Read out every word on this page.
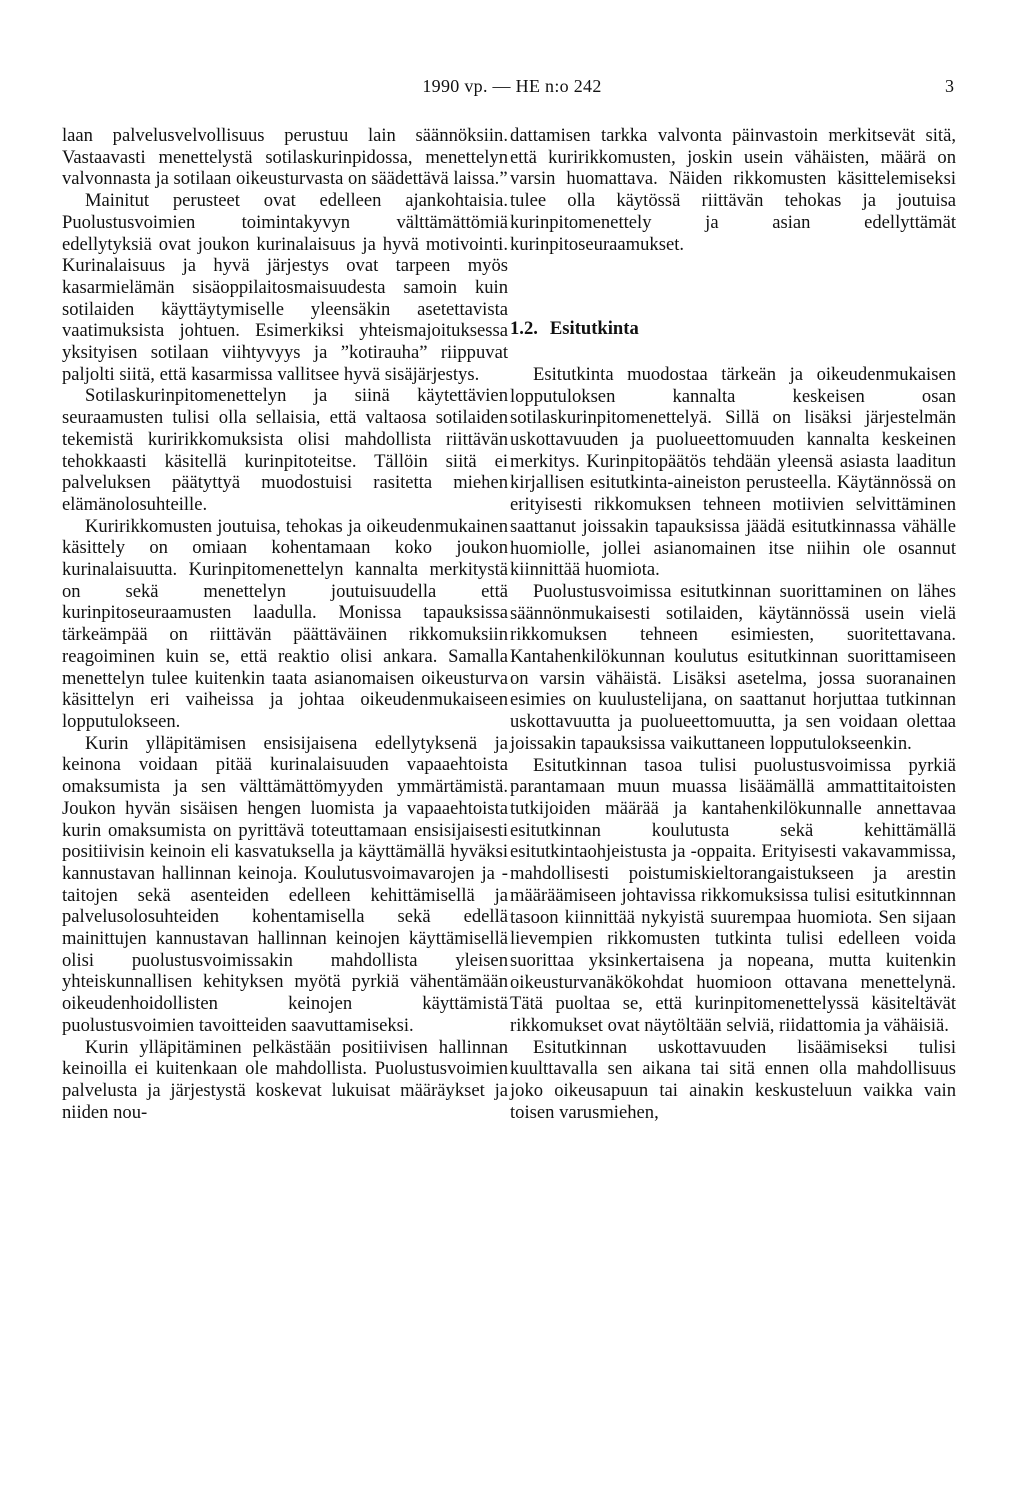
1990 vp. — HE n:o 242	3

laan palvelusvelvollisuus perustuu lain säännöksiin. Vastaavasti menettelystä sotilaskurinpidossa, menettelyn valvonnasta ja sotilaan oikeusturvasta on säädettävä laissa.”

Mainitut perusteet ovat edelleen ajankohtaisia. Puolustusvoimien toimintakyvyn välttämättömiä edellytyksiä ovat joukon kurinalaisuus ja hyvä motivointi. Kurinalaisuus ja hyvä järjestys ovat tarpeen myös kasarmielämän sisäoppilaitosmaisuudesta samoin kuin sotilaiden käyttäytymiselle yleensäkin asetettavista vaatimuksista johtuen. Esimerkiksi yhteismajoituksessa yksityisen sotilaan viihtyvyys ja ”kotirauha” riippuvat paljolti siitä, että kasarmissa vallitsee hyvä sisäjärjestys.

Sotilaskurinpitomenettelyn ja siinä käytettävien seuraamusten tulisi olla sellaisia, että valtaosa sotilaiden tekemistä kuririkkomuksista olisi mahdollista riittävän tehokkaasti käsitellä kurinpitoteitse. Tällöin siitä ei palveluksen päätyttyä muodostuisi rasitetta miehen elämänolosuhteille.

Kuririkkomusten joutuisa, tehokas ja oikeudenmukainen käsittely on omiaan kohentamaan koko joukon kurinalaisuutta. Kurinpitomenettelyn kannalta merkitystä on sekä menettelyn joutuisuudella että kurinpitoseuraamusten laadulla. Monissa tapauksissa tärkeämpää on riittävän päättäväinen rikkomuksiin reagoiminen kuin se, että reaktio olisi ankara. Samalla menettelyn tulee kuitenkin taata asianomaisen oikeusturva käsittelyn eri vaiheissa ja johtaa oikeudenmukaiseen lopputulokseen.

Kurin ylläpitämisen ensisijaisena edellytyksenä ja keinona voidaan pitää kurinalaisuuden vapaaehtoista omaksumista ja sen välttämättömyyden ymmärtämistä. Joukon hyvän sisäisen hengen luomista ja vapaaehtoista kurin omaksumista on pyrittävä toteuttamaan ensisijaisesti positiivisin keinoin eli kasvatuksella ja käyttämällä hyväksi kannustavan hallinnan keinoja. Koulutusvoimavarojen ja -taitojen sekä asenteiden edelleen kehittämisellä ja palvelusolosuhteiden kohentamisella sekä edellä mainittujen kannustavan hallinnan keinojen käyttämisellä olisi puolustusvoimissakin mahdollista yleisen yhteiskunnallisen kehityksen myötä pyrkiä vähentämään oikeudenhoidollisten keinojen käyttämistä puolustusvoimien tavoitteiden saavuttamiseksi.

Kurin ylläpitäminen pelkästään positiivisen hallinnan keinoilla ei kuitenkaan ole mahdollista. Puolustusvoimien palvelusta ja järjestystä koskevat lukuisat määräykset ja niiden nou-

dattamisen tarkka valvonta päinvastoin merkitsevät sitä, että kuririkkomusten, joskin usein vähäisten, määrä on varsin huomattava. Näiden rikkomusten käsittelemiseksi tulee olla käytössä riittävän tehokas ja joutuisa kurinpitomenettely ja asian edellyttämät kurinpitoseuraamukset.

1.2. Esitutkinta

Esitutkinta muodostaa tärkeän ja oikeudenmukaisen lopputuloksen kannalta keskeisen osan sotilaskurinpitomenettelyä. Sillä on lisäksi järjestelmän uskottavuuden ja puolueettomuuden kannalta keskeinen merkitys. Kurinpitopäätös tehdään yleensä asiasta laaditun kirjallisen esitutkinta-aineiston perusteella. Käytännössä on erityisesti rikkomuksen tehneen motiivien selvittäminen saattanut joissakin tapauksissa jäädä esitutkinnassa vähälle huomiolle, jollei asianomainen itse niihin ole osannut kiinnittää huomiota.

Puolustusvoimissa esitutkinnan suorittaminen on lähes säännönmukaisesti sotilaiden, käytännössä usein vielä rikkomuksen tehneen esimiesten, suoritettavana. Kantahenkilökunnan koulutus esitutkinnan suorittamiseen on varsin vähäistä. Lisäksi asetelma, jossa suoranainen esimies on kuulustelijana, on saattanut horjuttaa tutkinnan uskottavuutta ja puolueettomuutta, ja sen voidaan olettaa joissakin tapauksissa vaikuttaneen lopputulokseenkin.

Esitutkinnan tasoa tulisi puolustusvoimissa pyrkiä parantamaan muun muassa lisäämällä ammattitaitoisten tutkijoiden määrää ja kantahenkilökunnalle annettavaa esitutkinnan koulutusta sekä kehittämällä esitutkintaohjeistusta ja -oppaita. Erityisesti vakavammissa, mahdollisesti poistumiskieltorangaistukseen ja arestin määräämiseen johtavissa rikkomuksissa tulisi esitutkinnnan tasoon kiinnittää nykyistä suurempaa huomiota. Sen sijaan lievempien rikkomusten tutkinta tulisi edelleen voida suorittaa yksinkertaisena ja nopeana, mutta kuitenkin oikeusturvanäkökohdat huomioon ottavana menettelynä. Tätä puoltaa se, että kurinpitomenettelyssä käsiteltävät rikkomukset ovat näytöltään selviä, riidattomia ja vähäisiä.

Esitutkinnan uskottavuuden lisäämiseksi tulisi kuulttavalla sen aikana tai sitä ennen olla mahdollisuus joko oikeusapuun tai ainakin keskusteluun vaikka vain toisen varusmiehen,
